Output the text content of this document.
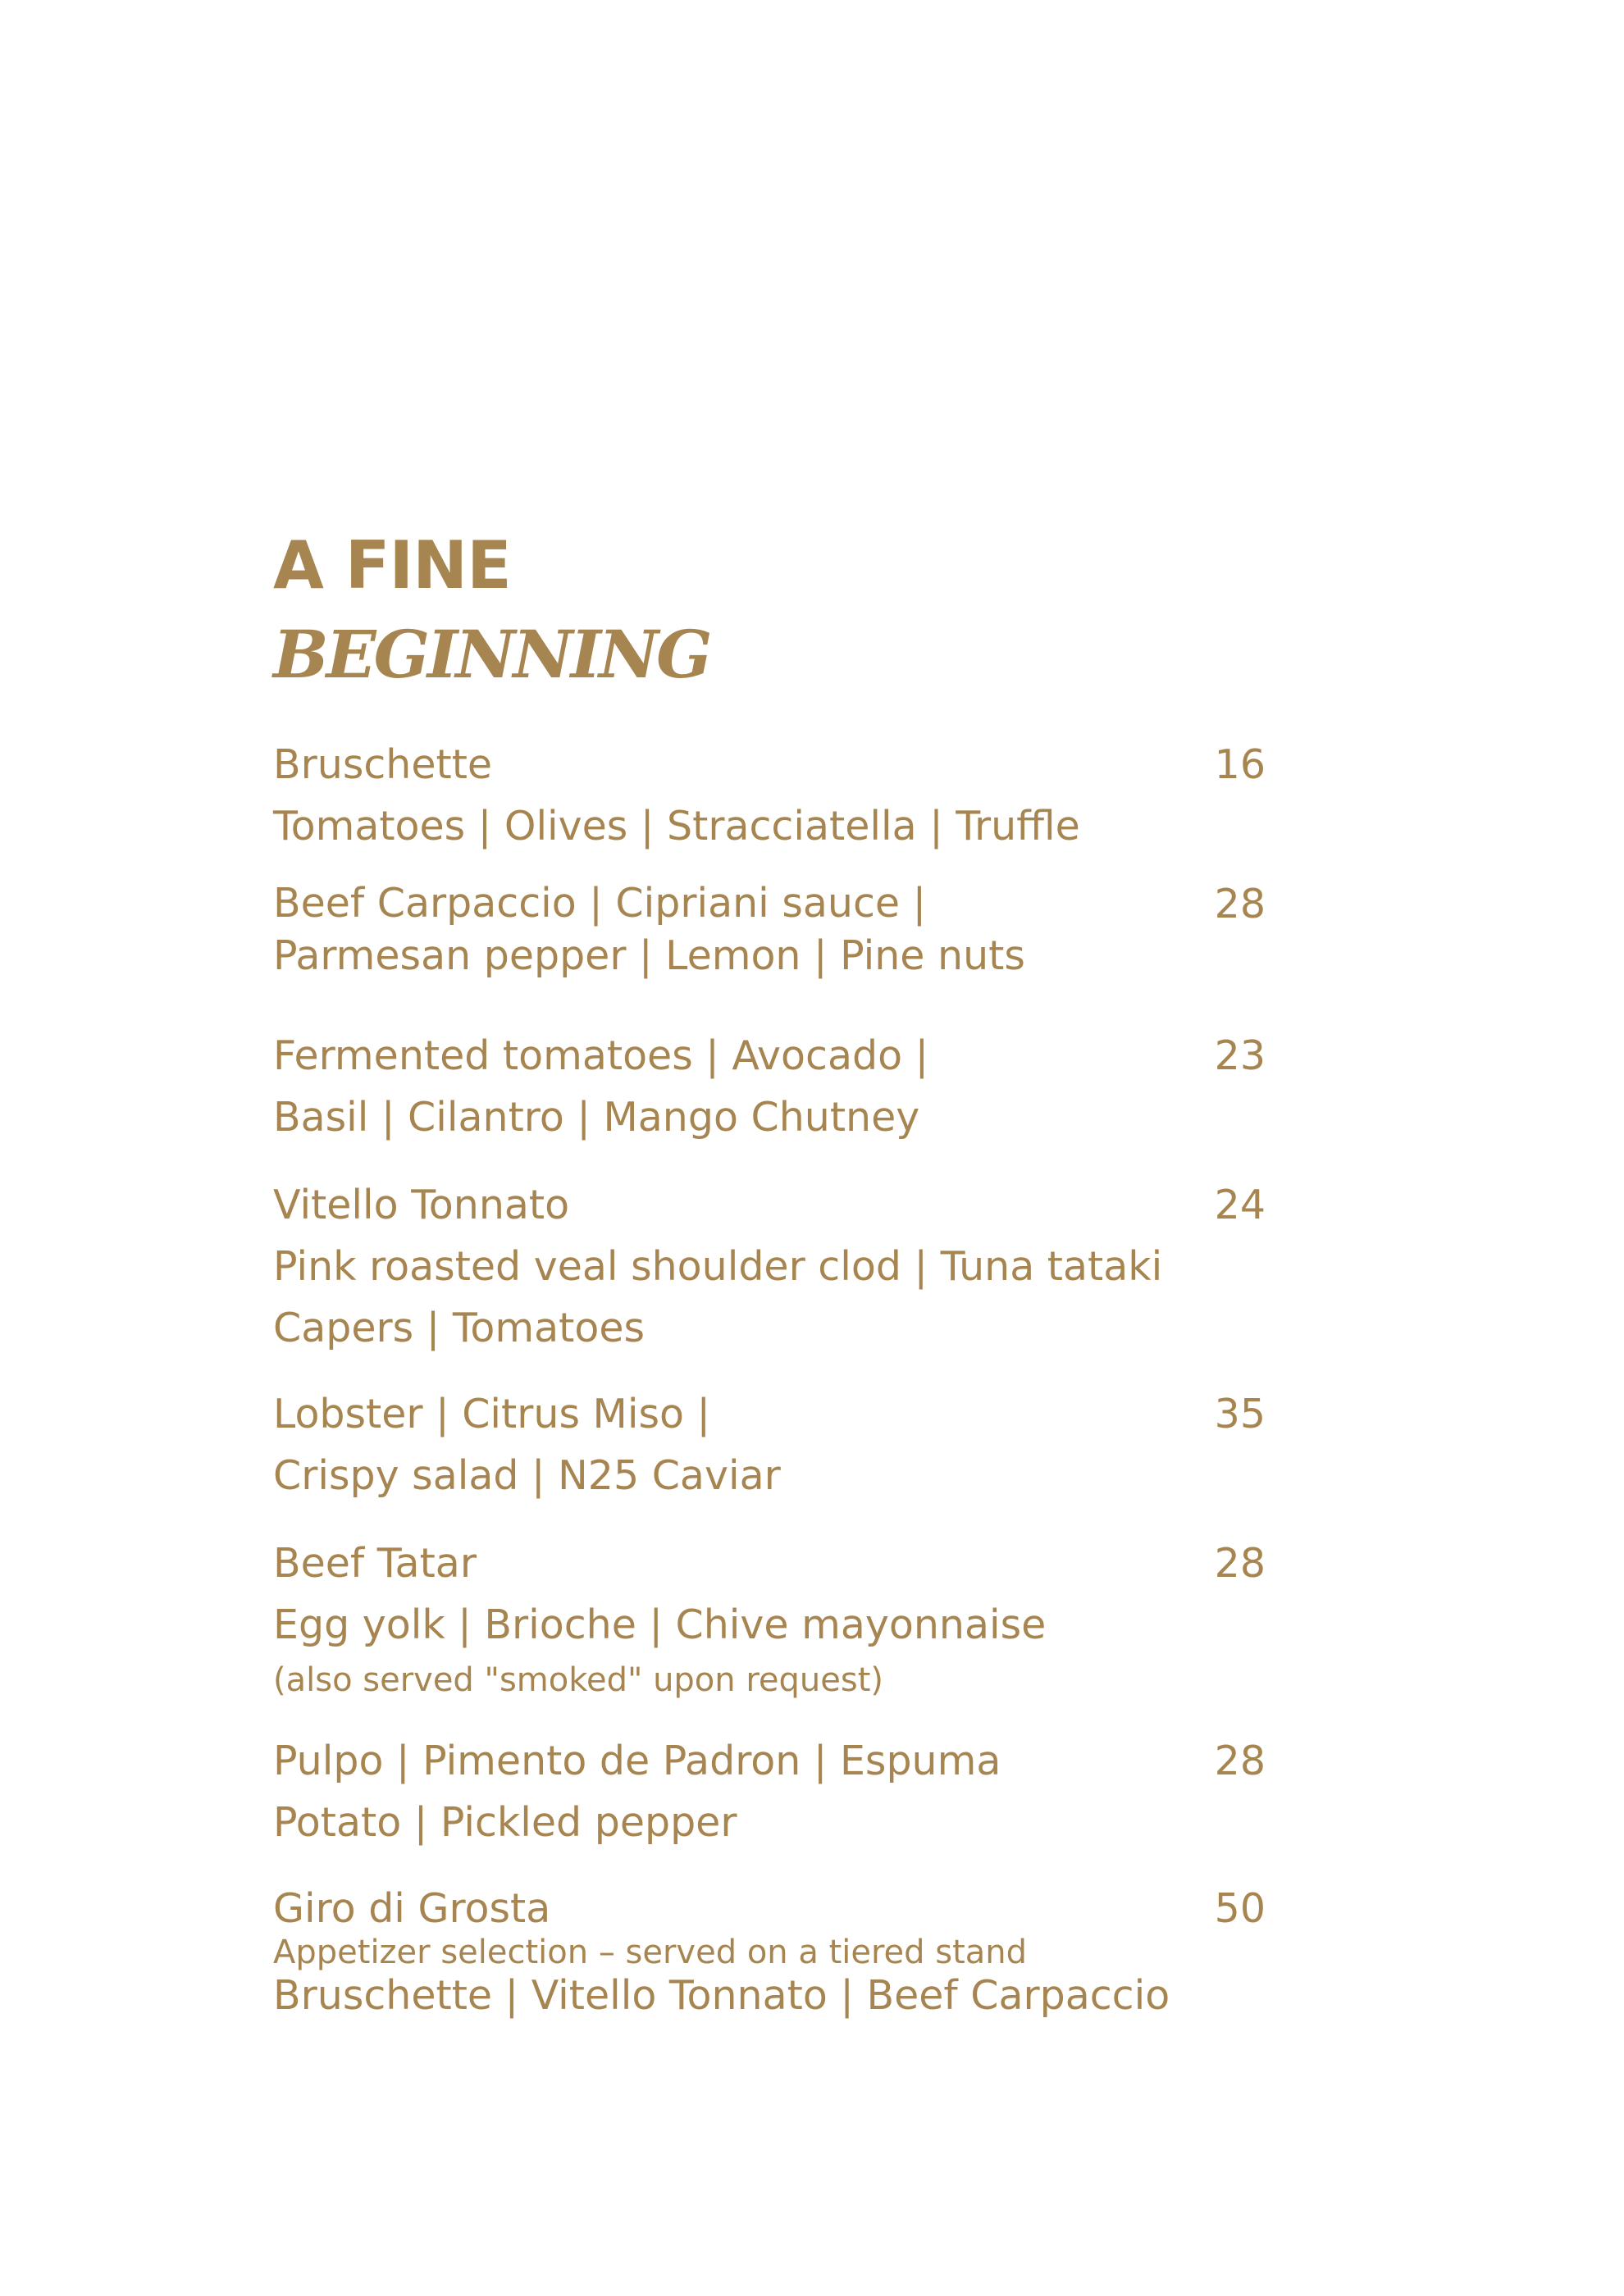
A FINE
BEGINNING

Bruschette

Tomatoes | Olives | Stracciatella | Truffle

16

Beef Carpaccio | Cipriani sauce |

Parmesan pepper | Lemon | Pine nuts

28

Fermented tomatoes | Avocado |

Basil | Cilantro | Mango Chutney

23

Vitello Tonnato

Pink roasted veal shoulder clod | Tuna tataki

Capers | Tomatoes

24

Lobster | Citrus Miso |

Crispy salad | N25 Caviar

35

Beef Tatar

Egg yolk | Brioche | Chive mayonnaise

(also served "smoked" upon request)

28

Pulpo | Pimento de Padron | Espuma

Potato | Pickled pepper

28

Giro di Grosta

Appetizer selection – served on a tiered stand

Bruschette | Vitello Tonnato | Beef Carpaccio

50
